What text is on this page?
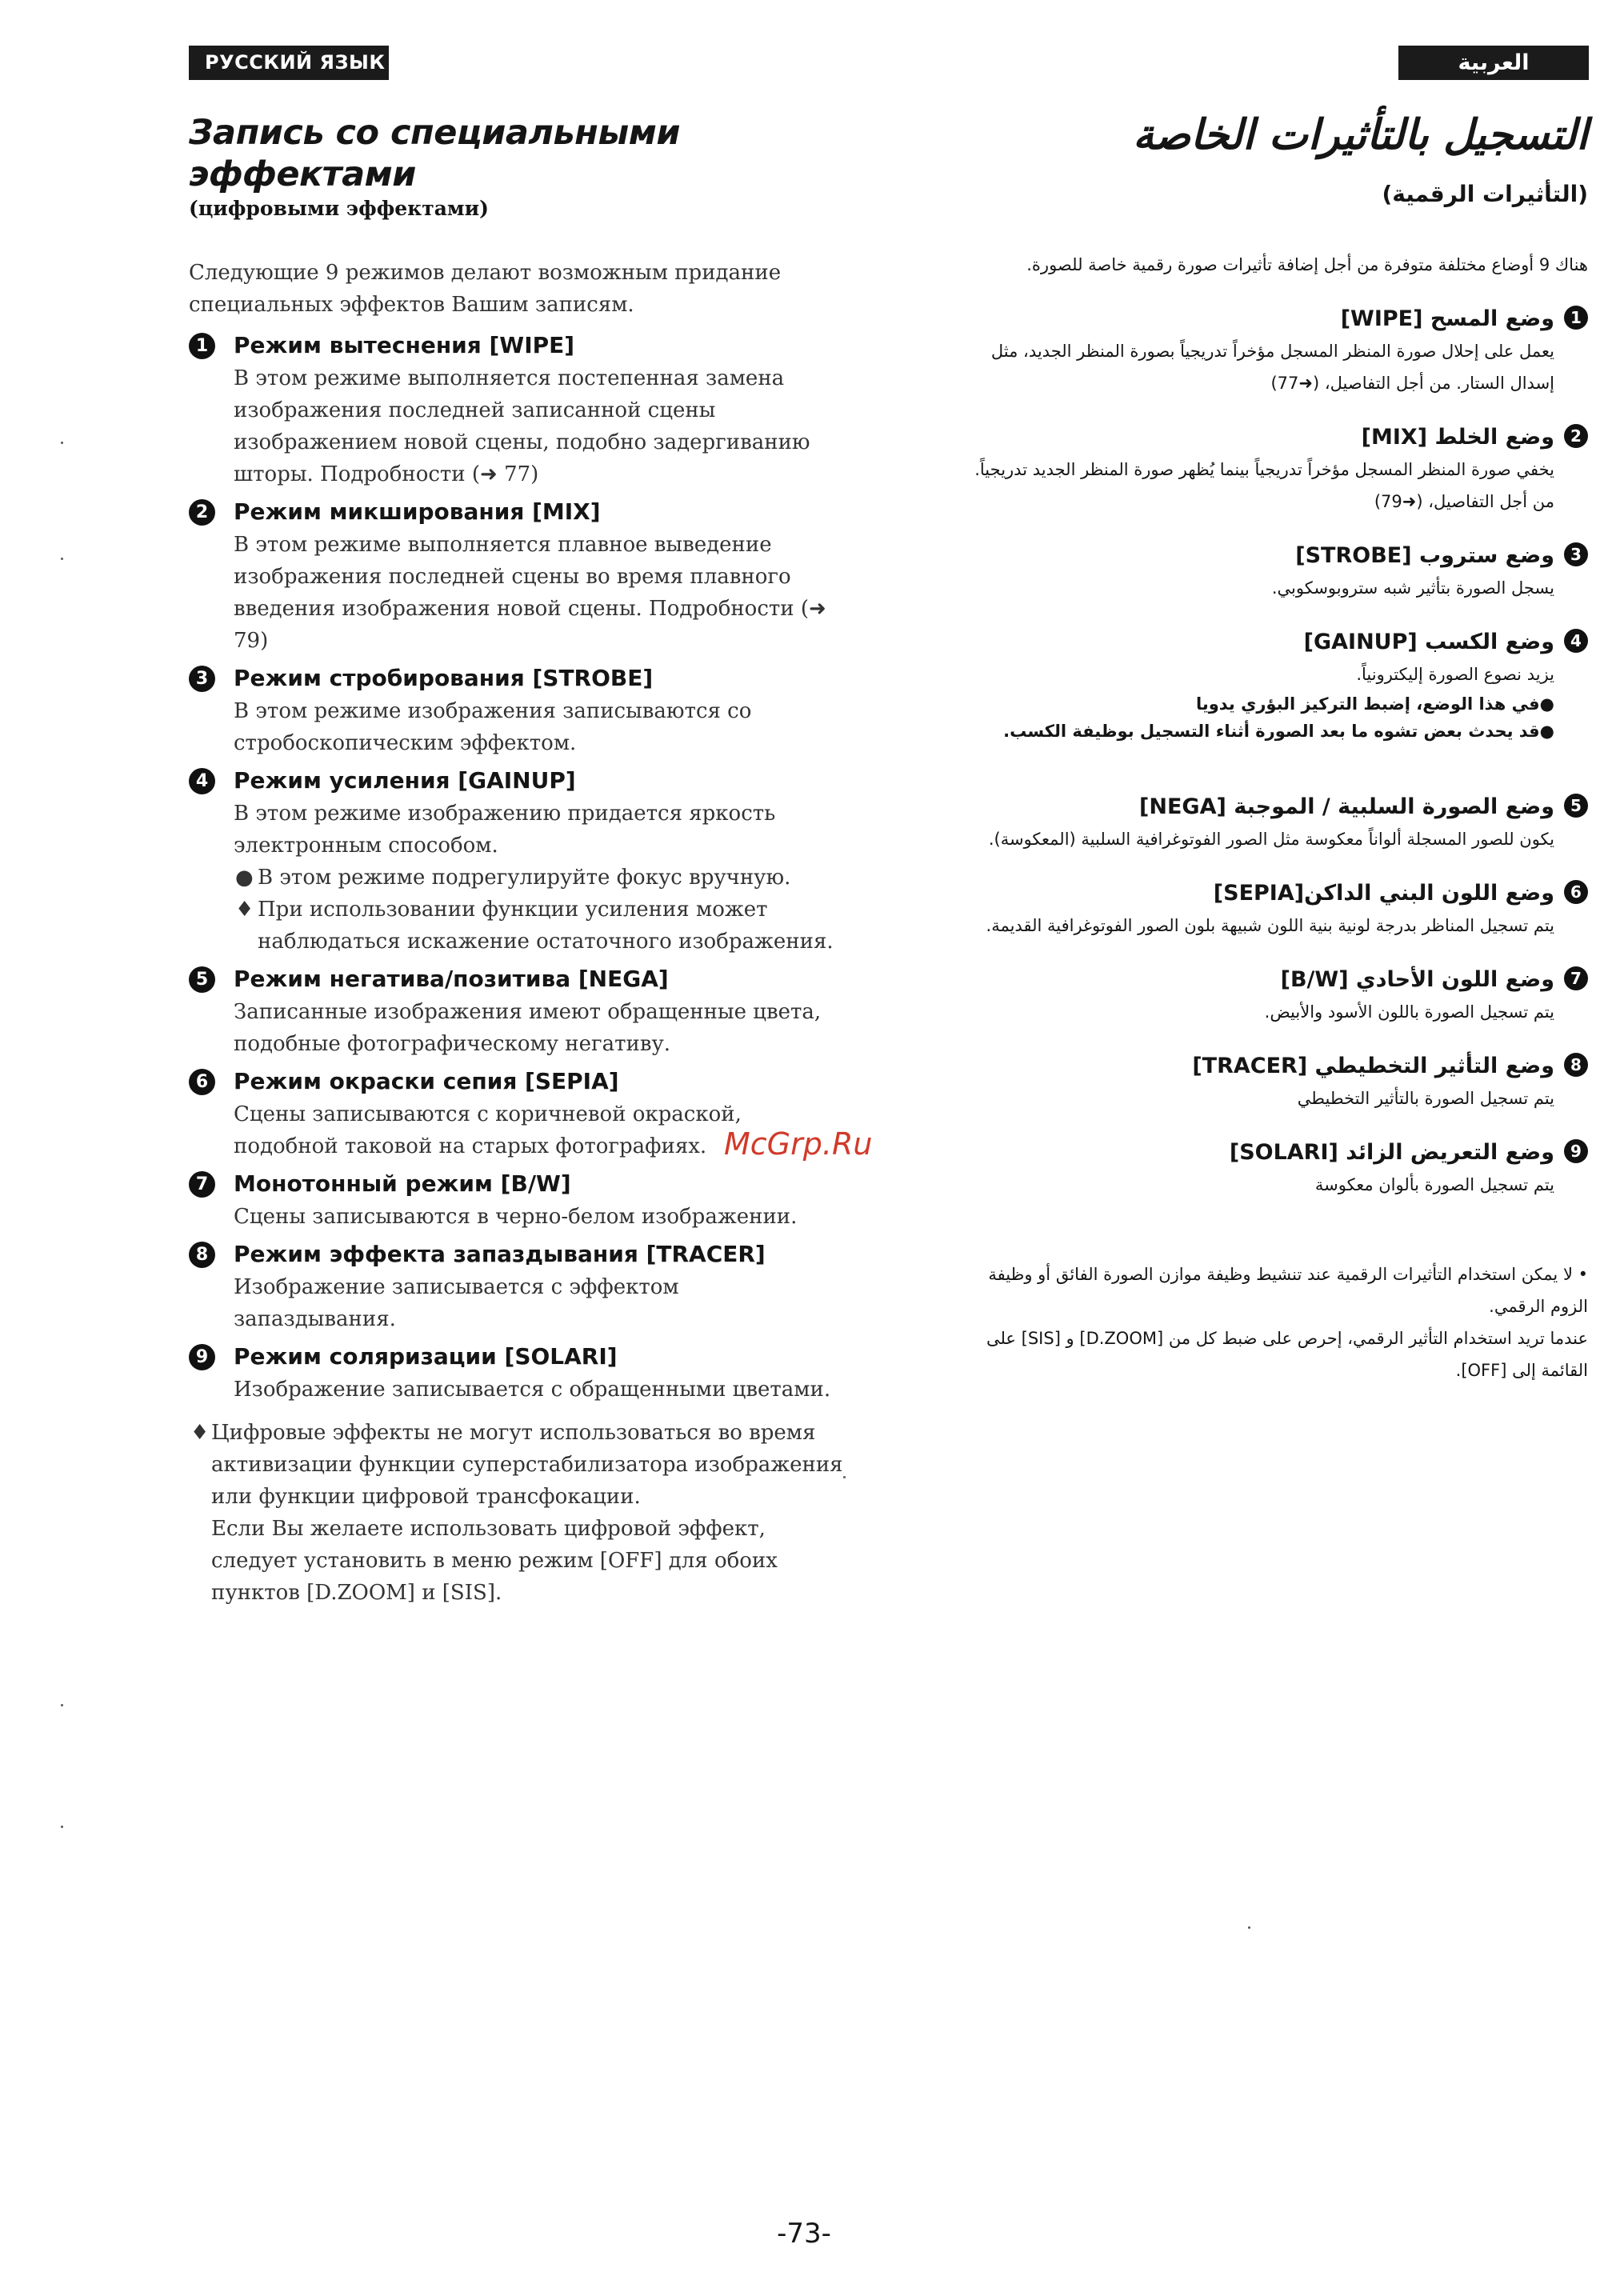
РУССКИЙ ЯЗЫК	العربية
Запись со специальными эффектами
(цифровыми эффектами)

Следующие 9 режимов делают возможным придание специальных эффектов Вашим записям.

1	Режим вытеснения [WIPE]
В этом режиме выполняется постепенная замена изображения последней записанной сцены изображением новой сцены, подобно задергиванию шторы. Подробности (➜ 77)
2	Режим микширования [MIX]
В этом режиме выполняется плавное выведение изображения последней сцены во время плавного введения изображения новой сцены. Подробности (➜ 79)
3	Режим стробирования [STROBE]
В этом режиме изображения записываются со стробоскопическим эффектом.
4	Режим усиления [GAINUP]
В этом режиме изображению придается яркость электронным способом.
● В этом режиме подрегулируйте фокус вручную.
♦ При использовании функции усиления может наблюдаться искажение остаточного изображения.
5	Режим негатива/позитива [NEGA]
Записанные изображения имеют обращенные цвета, подобные фотографическому негативу.
6	Режим окраски сепия [SEPIA]
Сцены записываются с коричневой окраской, подобной таковой на старых фотографиях.
7	Монотонный режим [B/W]
Сцены записываются в черно-белом изображении.
8	Режим эффекта запаздывания [TRACER]
Изображение записывается с эффектом запаздывания.
9	Режим соляризации [SOLARI]
Изображение записывается с обращенными цветами.
♦ Цифровые эффекты не могут использоваться во время активизации функции суперстабилизатора изображения или функции цифровой трансфокации.
Если Вы желаете использовать цифровой эффект, следует установить в меню режим [OFF] для обоих пунктов [D.ZOOM] и [SIS].
التسجيل بالتأثيرات الخاصة
(التأثيرات الرقمية)

هناك 9 أوضاع مختلفة متوفرة من أجل إضافة تأثيرات صورة رقمية خاصة للصورة.

1
وضع المسح [WIPE]
يعمل على إحلال صورة المنظر المسجل مؤخراً تدريجياً بصورة المنظر الجديد، مثل إسدال الستار. من أجل التفاصيل، (➜77)
2
وضع الخلط [MIX]
يخفي صورة المنظر المسجل مؤخراً تدريجياً بينما يُظهر صورة المنظر الجديد تدريجياً. من أجل التفاصيل، (➜79)
3
وضع ستروب [STROBE]
يسجل الصورة بتأثير شبه ستروبوسكوبي.
4
وضع الكسب [GAINUP]
يزيد نصوع الصورة إليكترونياً.
●في هذا الوضع، إضبط التركيز البؤري يدويا
●قد يحدث بعض تشوه ما بعد الصورة أثناء التسجيل بوظيفة الكسب.
5
وضع الصورة السلبية / الموجبة [NEGA]
يكون للصور المسجلة ألواناً معكوسة مثل الصور الفوتوغرافية السلبية (المعكوسة).
6
وضع اللون البني الداكن[SEPIA]
يتم تسجيل المناظر بدرجة لونية بنية اللون شبيهة بلون الصور الفوتوغرافية القديمة.
7
وضع اللون الأحادي [B/W]
يتم تسجيل الصورة باللون الأسود والأبيض.
8
وضع التأثير التخطيطي [TRACER]
يتم تسجيل الصورة بالتأثير التخطيطي
9
وضع التعريض الزائد [SOLARI]
يتم تسجيل الصورة بألوان معكوسة
• لا يمكن استخدام التأثيرات الرقمية عند تنشيط وظيفة موازن الصورة الفائق أو وظيفة الزوم الرقمي.
عندما تريد استخدام التأثير الرقمي، إحرص على ضبط كل من [D.ZOOM] و [SIS] على القائمة إلى [OFF].
McGrp.Ru
-73-
